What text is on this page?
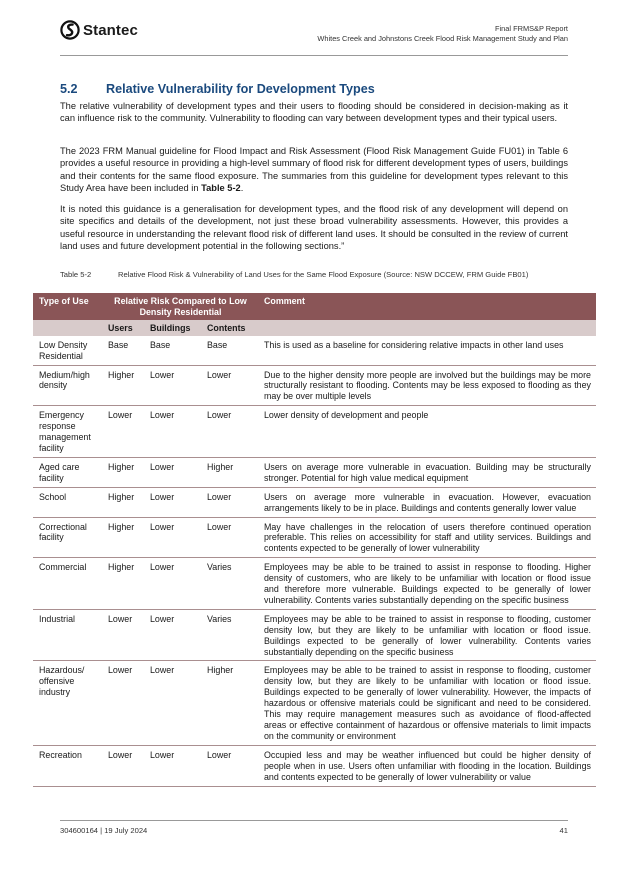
Stantec	Final FRMS&P Report
Whites Creek and Johnstons Creek Flood Risk Management Study and Plan
5.2 Relative Vulnerability for Development Types
The relative vulnerability of development types and their users to flooding should be considered in decision-making as it can influence risk to the community. Vulnerability to flooding can vary between development types and their typical users.
The 2023 FRM Manual guideline for Flood Impact and Risk Assessment (Flood Risk Management Guide FU01) in Table 6 provides a useful resource in providing a high-level summary of flood risk for different development types of users, buildings and their contents for the same flood exposure. The summaries from this guideline for development types relevant to this Study Area have been included in Table 5-2.
It is noted this guidance is a generalisation for development types, and the flood risk of any development will depend on site specifics and details of the development, not just these broad vulnerability assessments. However, this provides a useful resource in understanding the relevant flood risk of different land uses. It should be consulted in the review of current land uses and future development potential in the following sections.”
Table 5-2	Relative Flood Risk & Vulnerability of Land Uses for the Same Flood Exposure (Source: NSW DCCEW, FRM Guide FB01)
Type of Use	Relative Risk Compared to Low Density Residential			Comment
	Users	Buildings	Contents	
Low Density Residential	Base	Base	Base	This is used as a baseline for considering relative impacts in other land uses
Medium/high density	Higher	Lower	Lower	Due to the higher density more people are involved but the buildings may be more structurally resistant to flooding. Contents may be less exposed to flooding as they may be over multiple levels
Emergency response management facility	Lower	Lower	Lower	Lower density of development and people
Aged care facility	Higher	Lower	Higher	Users on average more vulnerable in evacuation. Building may be structurally stronger. Potential for high value medical equipment
School	Higher	Lower	Lower	Users on average more vulnerable in evacuation. However, evacuation arrangements likely to be in place. Buildings and contents generally lower value
Correctional facility	Higher	Lower	Lower	May have challenges in the relocation of users therefore continued operation preferable. This relies on accessibility for staff and utility services. Buildings and contents expected to be generally of lower vulnerability
Commercial	Higher	Lower	Varies	Employees may be able to be trained to assist in response to flooding. Higher density of customers, who are likely to be unfamiliar with location or flood issue and therefore more vulnerable. Buildings expected to be generally of lower vulnerability. Contents varies substantially depending on the specific business
Industrial	Lower	Lower	Varies	Employees may be able to be trained to assist in response to flooding, customer density low, but they are likely to be unfamiliar with location or flood issue. Buildings expected to be generally of lower vulnerability. Contents varies substantially depending on the specific business
Hazardous/ offensive industry	Lower	Lower	Higher	Employees may be able to be trained to assist in response to flooding, customer density low, but they are likely to be unfamiliar with location or flood issue. Buildings expected to be generally of lower vulnerability. However, the impacts of hazardous or offensive materials could be significant and need to be considered. This may require management measures such as avoidance of flood-affected areas or effective containment of hazardous or offensive materials to limit impacts on the community or environment
Recreation	Lower	Lower	Lower	Occupied less and may be weather influenced but could be higher density of people when in use. Users often unfamiliar with flooding in the location. Buildings and contents expected to be generally of lower vulnerability or value
304600164 | 19 July 2024	41
